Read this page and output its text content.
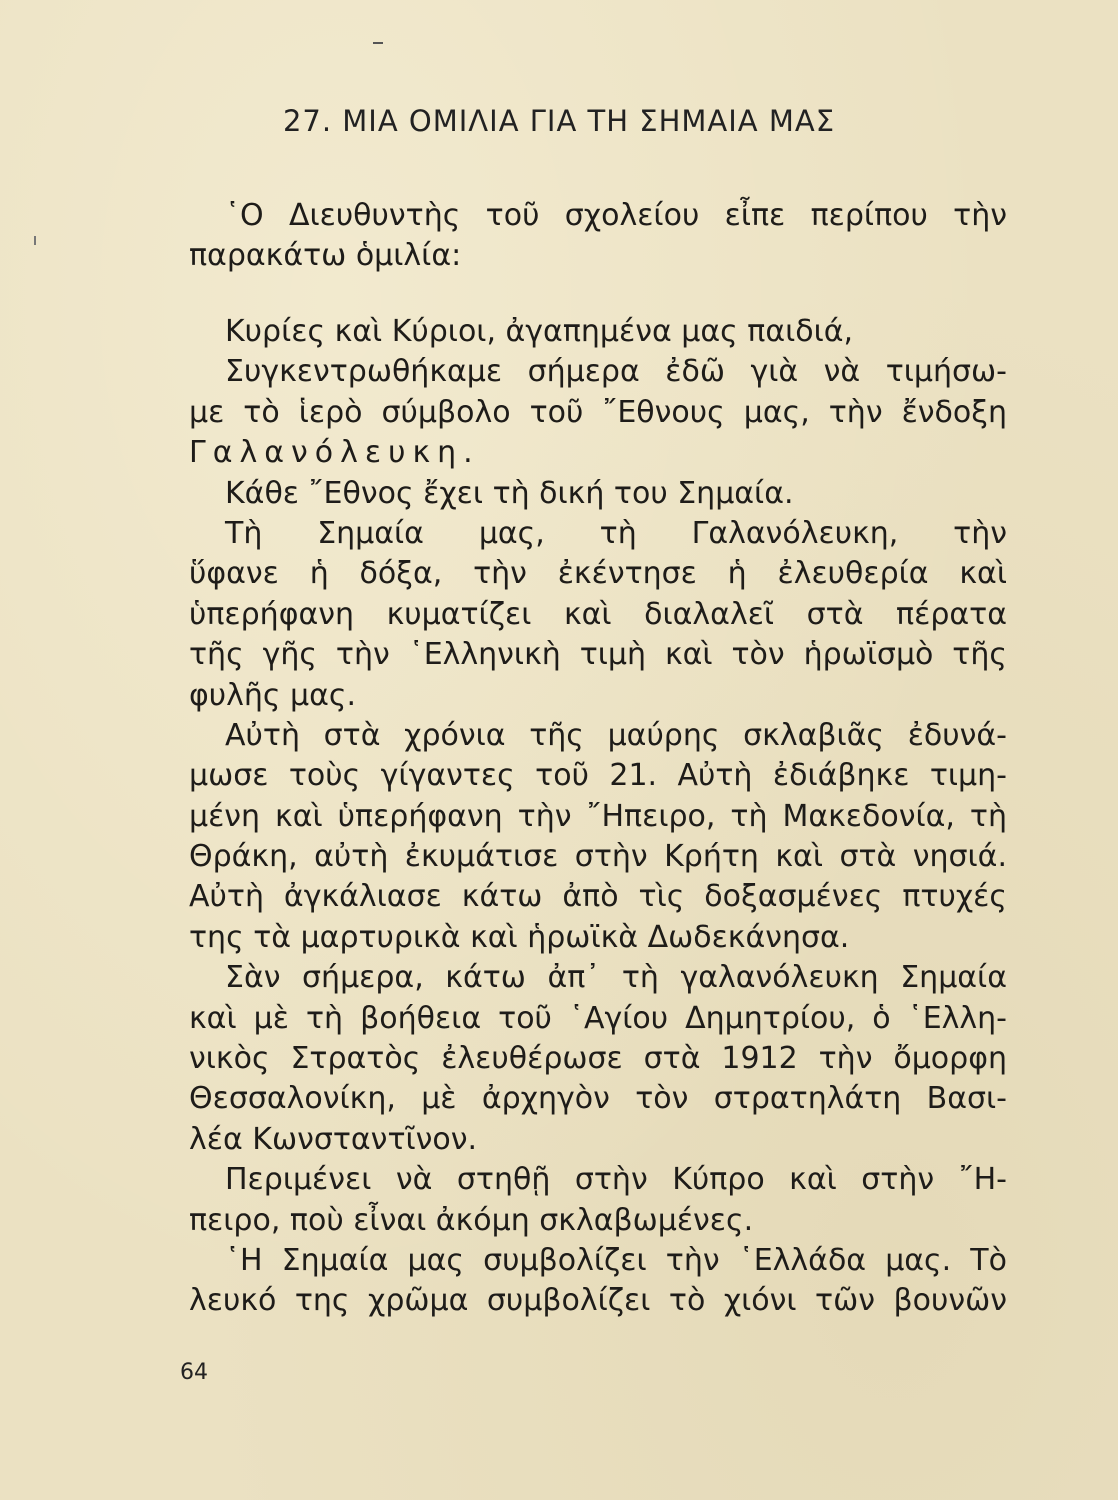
27. ΜΙΑ ΟΜΙΛΙΑ ΓΙΑ ΤΗ ΣΗΜΑΙΑ ΜΑΣ
῾Ο Διευθυντὴς τοῦ σχολείου εἶπε περίπου τὴν
παρακάτω ὁμιλία:
Κυρίες καὶ Κύριοι, ἀγαπημένα μας παιδιά,
Συγκεντρωθήκαμε σήμερα ἐδῶ γιὰ νὰ τιμήσω-
με τὸ ἱερὸ σύμβολο τοῦ ῎Εθνους μας, τὴν ἔνδοξη
Γαλανόλευκη.
Κάθε ῎Εθνος ἔχει τὴ δική του Σημαία.
Τὴ Σημαία μας, τὴ Γαλανόλευκη, τὴν
ὕφανε ἡ δόξα, τὴν ἐκέντησε ἡ ἐλευθερία καὶ
ὑπερήφανη κυματίζει καὶ διαλαλεῖ στὰ πέρατα
τῆς γῆς τὴν ῾Ελληνικὴ τιμὴ καὶ τὸν ἡρωϊσμὸ τῆς
φυλῆς μας.
Αὐτὴ στὰ χρόνια τῆς μαύρης σκλαβιᾶς ἐδυνά-
μωσε τοὺς γίγαντες τοῦ 21. Αὐτὴ ἐδιάβηκε τιμη-
μένη καὶ ὑπερήφανη τὴν ῎Ηπειρο, τὴ Μακεδονία, τὴ
Θράκη, αὐτὴ ἐκυμάτισε στὴν Κρήτη καὶ στὰ νησιά.
Αὐτὴ ἀγκάλιασε κάτω ἀπὸ τὶς δοξασμένες πτυχές
της τὰ μαρτυρικὰ καὶ ἡρωϊκὰ Δωδεκάνησα.
Σὰν σήμερα, κάτω ἀπ᾽ τὴ γαλανόλευκη Σημαία
καὶ μὲ τὴ βοήθεια τοῦ ῾Αγίου Δημητρίου, ὁ ῾Ελλη-
νικὸς Στρατὸς ἐλευθέρωσε στὰ 1912 τὴν ὄμορφη
Θεσσαλονίκη, μὲ ἀρχηγὸν τὸν στρατηλάτη Βασι-
λέα Κωνσταντῖνον.
Περιμένει νὰ στηθῇ στὴν Κύπρο καὶ στὴν ῎Η-
πειρο, ποὺ εἶναι ἀκόμη σκλαβωμένες.
῾Η Σημαία μας συμβολίζει τὴν ῾Ελλάδα μας. Τὸ
λευκό της χρῶμα συμβολίζει τὸ χιόνι τῶν βουνῶν
64
